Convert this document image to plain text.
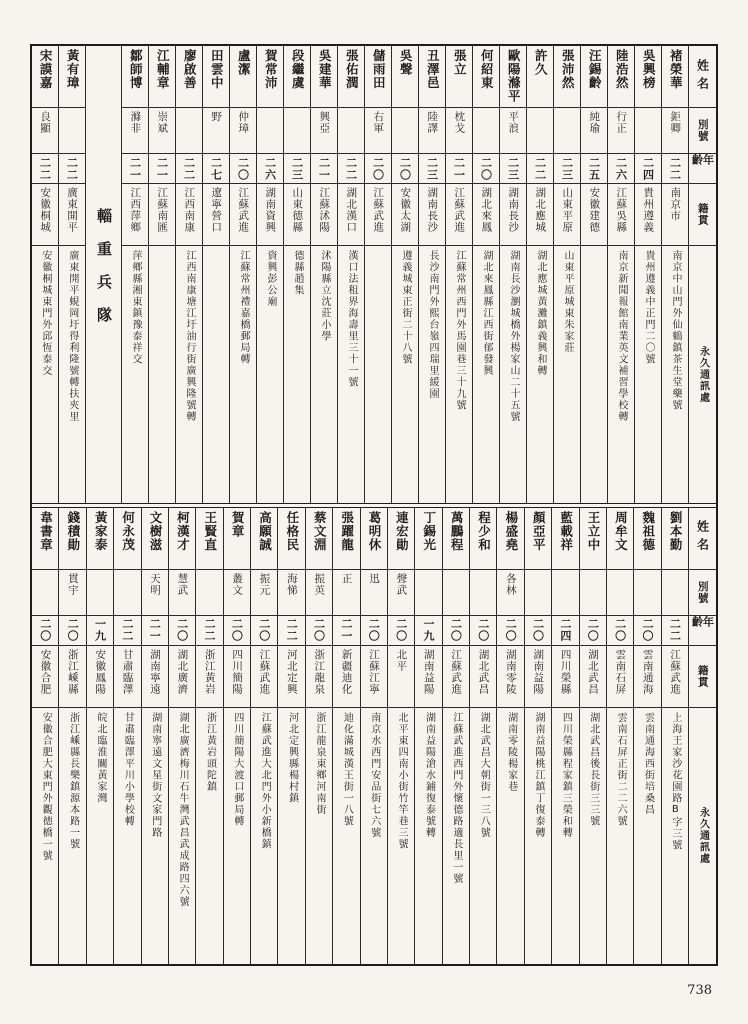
姓名
別號
年齡
籍貫
永久通訊處
褚榮華
鉅卿
二二
南京市
南京中山門外仙鶴鎮茶生堂藥號
吳興榜
二四
貴州遵義
貴州遵義中正門二〇號
陸浩然
行正
二六
江蘇吳縣
南京新聞報館南業英文補習學校轉
汪錫齡
純瑜
二五
安徽建德
張沛然
二三
山東平原
山東平原城東朱家莊
許久
二二
湖北應城
湖北應城黃灘鎮義興和轉
歐陽滌平
平浪
二三
湖南長沙
湖南長沙瀏城橋外楊家山二十五號
何紹東
二〇
湖北來鳳
湖北來鳳縣江西街郁發興
張立
枕戈
二一
江蘇武進
江蘇常州西門外馬園巷三十九號
丑澤邑
陸譯
二三
湖南長沙
長沙南門外熙台嶺四瑞里緩園
吳聲
二〇
安徽太湖
遵義城東正街二十八號
儲雨田
右軍
二〇
江蘇武進
張佑潤
二二
湖北漢口
漢口法租界海壽里三十一號
吳建華
興亞
二一
江蘇沭陽
沭陽縣立沈莊小學
段繼虞
二三
山東德縣
德縣趙集
賀常沛
二六
湖南資興
資興彭公廟
盧潔
仲璋
二〇
江蘇武進
江蘇常州禮嘉橋郵局轉
田雲中
野
二七
遼寧營口
廖啟善
二二
江西南康
江西南康塘江圩油行街廣興隆號轉
江輔章
崇斌
二一
江蘇南匯
鄒師博
滌非
二一
江西萍鄉
萍鄉縣湘東鎮豫泰祥交
輜重兵隊
黃有璋
二二
廣東開平
廣東開平蜆岡圩得利隆號轉扶夾里
宋謨嘉
良顯
二二
安徽桐城
安徽桐城東門外邱恆泰交
姓名
別號
年齡
籍貫
永久通訊處
劉本勤
二二
江蘇武進
上海王家沙花園路B字三號
魏祖德
二〇
雲南通海
雲南通海西街培桑昌
周牟文
二〇
雲南石屏
雲南石屏正街二二六號
王立中
二〇
湖北武昌
湖北武昌後長街三三號
藍載祥
二四
四川榮縣
四川榮縣程家鎮三榮和轉
顏亞平
二〇
湖南益陽
湖南益陽桃江鎮丁復泰轉
楊盛堯
各林
二〇
湖南零陵
湖南零陵楊家巷
程少和
二〇
湖北武昌
湖北武昌大朝街一三八號
萬鵬程
二〇
江蘇武進
江蘇武進西門外懷德路適長里一號
丁錫光
一九
湖南益陽
湖南益陽滄水鋪復泰號轉
連宏勛
聲武
二〇
北平
北平東四南小街竹竿巷三號
葛明休
迅
二〇
江蘇江寧
南京水西門安品街七六號
張躍龍
正
二一
新疆迪化
迪化滿城漢王街一八號
蔡文淵
振英
二〇
浙江龍泉
浙江龍泉東鄉河南街
任格民
海悌
二二
河北定興
河北定興縣楊村鎮
高願誠
振元
二〇
江蘇武進
江蘇武進大北門外小新橋鎮
賀章
叢文
二〇
四川簡陽
四川簡陽大渡口郵局轉
王賢直
二二
浙江黃岩
浙江黃岩頭陀鎮
柯漢才
慧武
二〇
湖北廣濟
湖北廣濟梅川石牛灣武昌武成路四六號
文樹滋
天明
二一
湖南寧遠
湖南寧遠文星街文家門路
何永茂
二二
甘肅臨澤
甘肅臨澤平川小學校轉
黃家泰
一九
安徽鳳陽
皖北臨淮關黃家灣
錢積勛
貫宇
二〇
浙江嵊縣
浙江嵊縣長樂鎮源本路一號
韋書章
二〇
安徽合肥
安徽合肥大東門外觀德橋一號
738
